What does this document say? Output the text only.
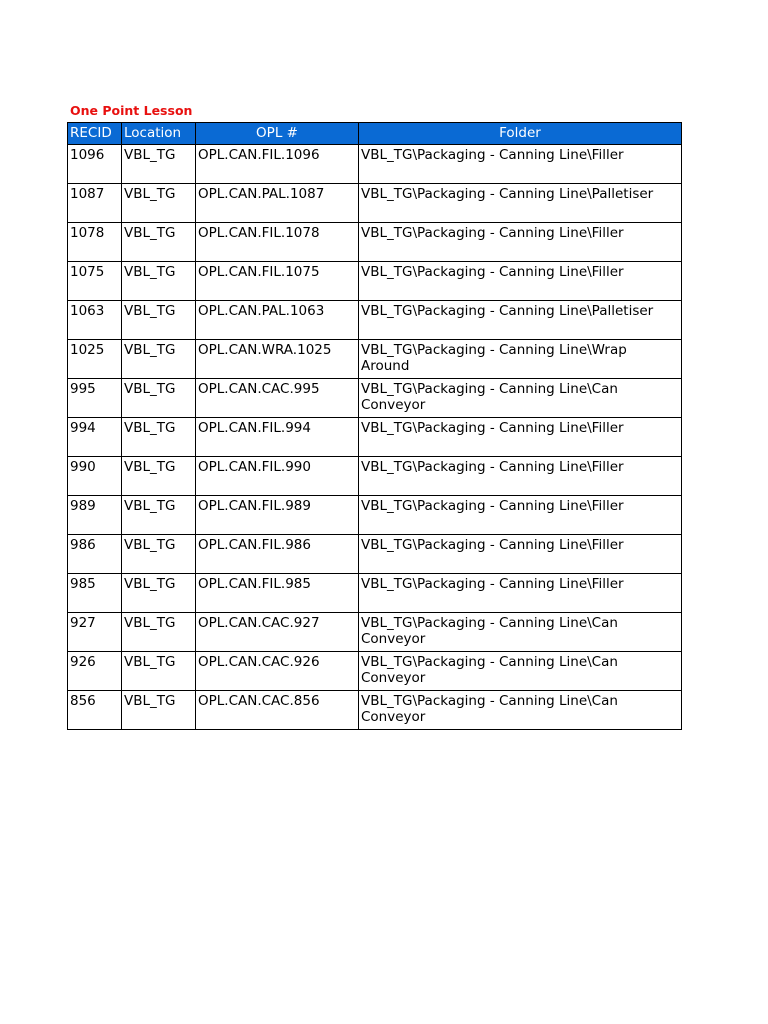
One Point Lesson
RECID	Location	OPL #	Folder
1096	VBL_TG	OPL.CAN.FIL.1096	VBL_TG\Packaging - Canning Line\Filler
1087	VBL_TG	OPL.CAN.PAL.1087	VBL_TG\Packaging - Canning Line\Palletiser
1078	VBL_TG	OPL.CAN.FIL.1078	VBL_TG\Packaging - Canning Line\Filler
1075	VBL_TG	OPL.CAN.FIL.1075	VBL_TG\Packaging - Canning Line\Filler
1063	VBL_TG	OPL.CAN.PAL.1063	VBL_TG\Packaging - Canning Line\Palletiser
1025	VBL_TG	OPL.CAN.WRA.1025	VBL_TG\Packaging - Canning Line\Wrap Around
995	VBL_TG	OPL.CAN.CAC.995	VBL_TG\Packaging - Canning Line\Can Conveyor
994	VBL_TG	OPL.CAN.FIL.994	VBL_TG\Packaging - Canning Line\Filler
990	VBL_TG	OPL.CAN.FIL.990	VBL_TG\Packaging - Canning Line\Filler
989	VBL_TG	OPL.CAN.FIL.989	VBL_TG\Packaging - Canning Line\Filler
986	VBL_TG	OPL.CAN.FIL.986	VBL_TG\Packaging - Canning Line\Filler
985	VBL_TG	OPL.CAN.FIL.985	VBL_TG\Packaging - Canning Line\Filler
927	VBL_TG	OPL.CAN.CAC.927	VBL_TG\Packaging - Canning Line\Can Conveyor
926	VBL_TG	OPL.CAN.CAC.926	VBL_TG\Packaging - Canning Line\Can Conveyor
856	VBL_TG	OPL.CAN.CAC.856	VBL_TG\Packaging - Canning Line\Can Conveyor
